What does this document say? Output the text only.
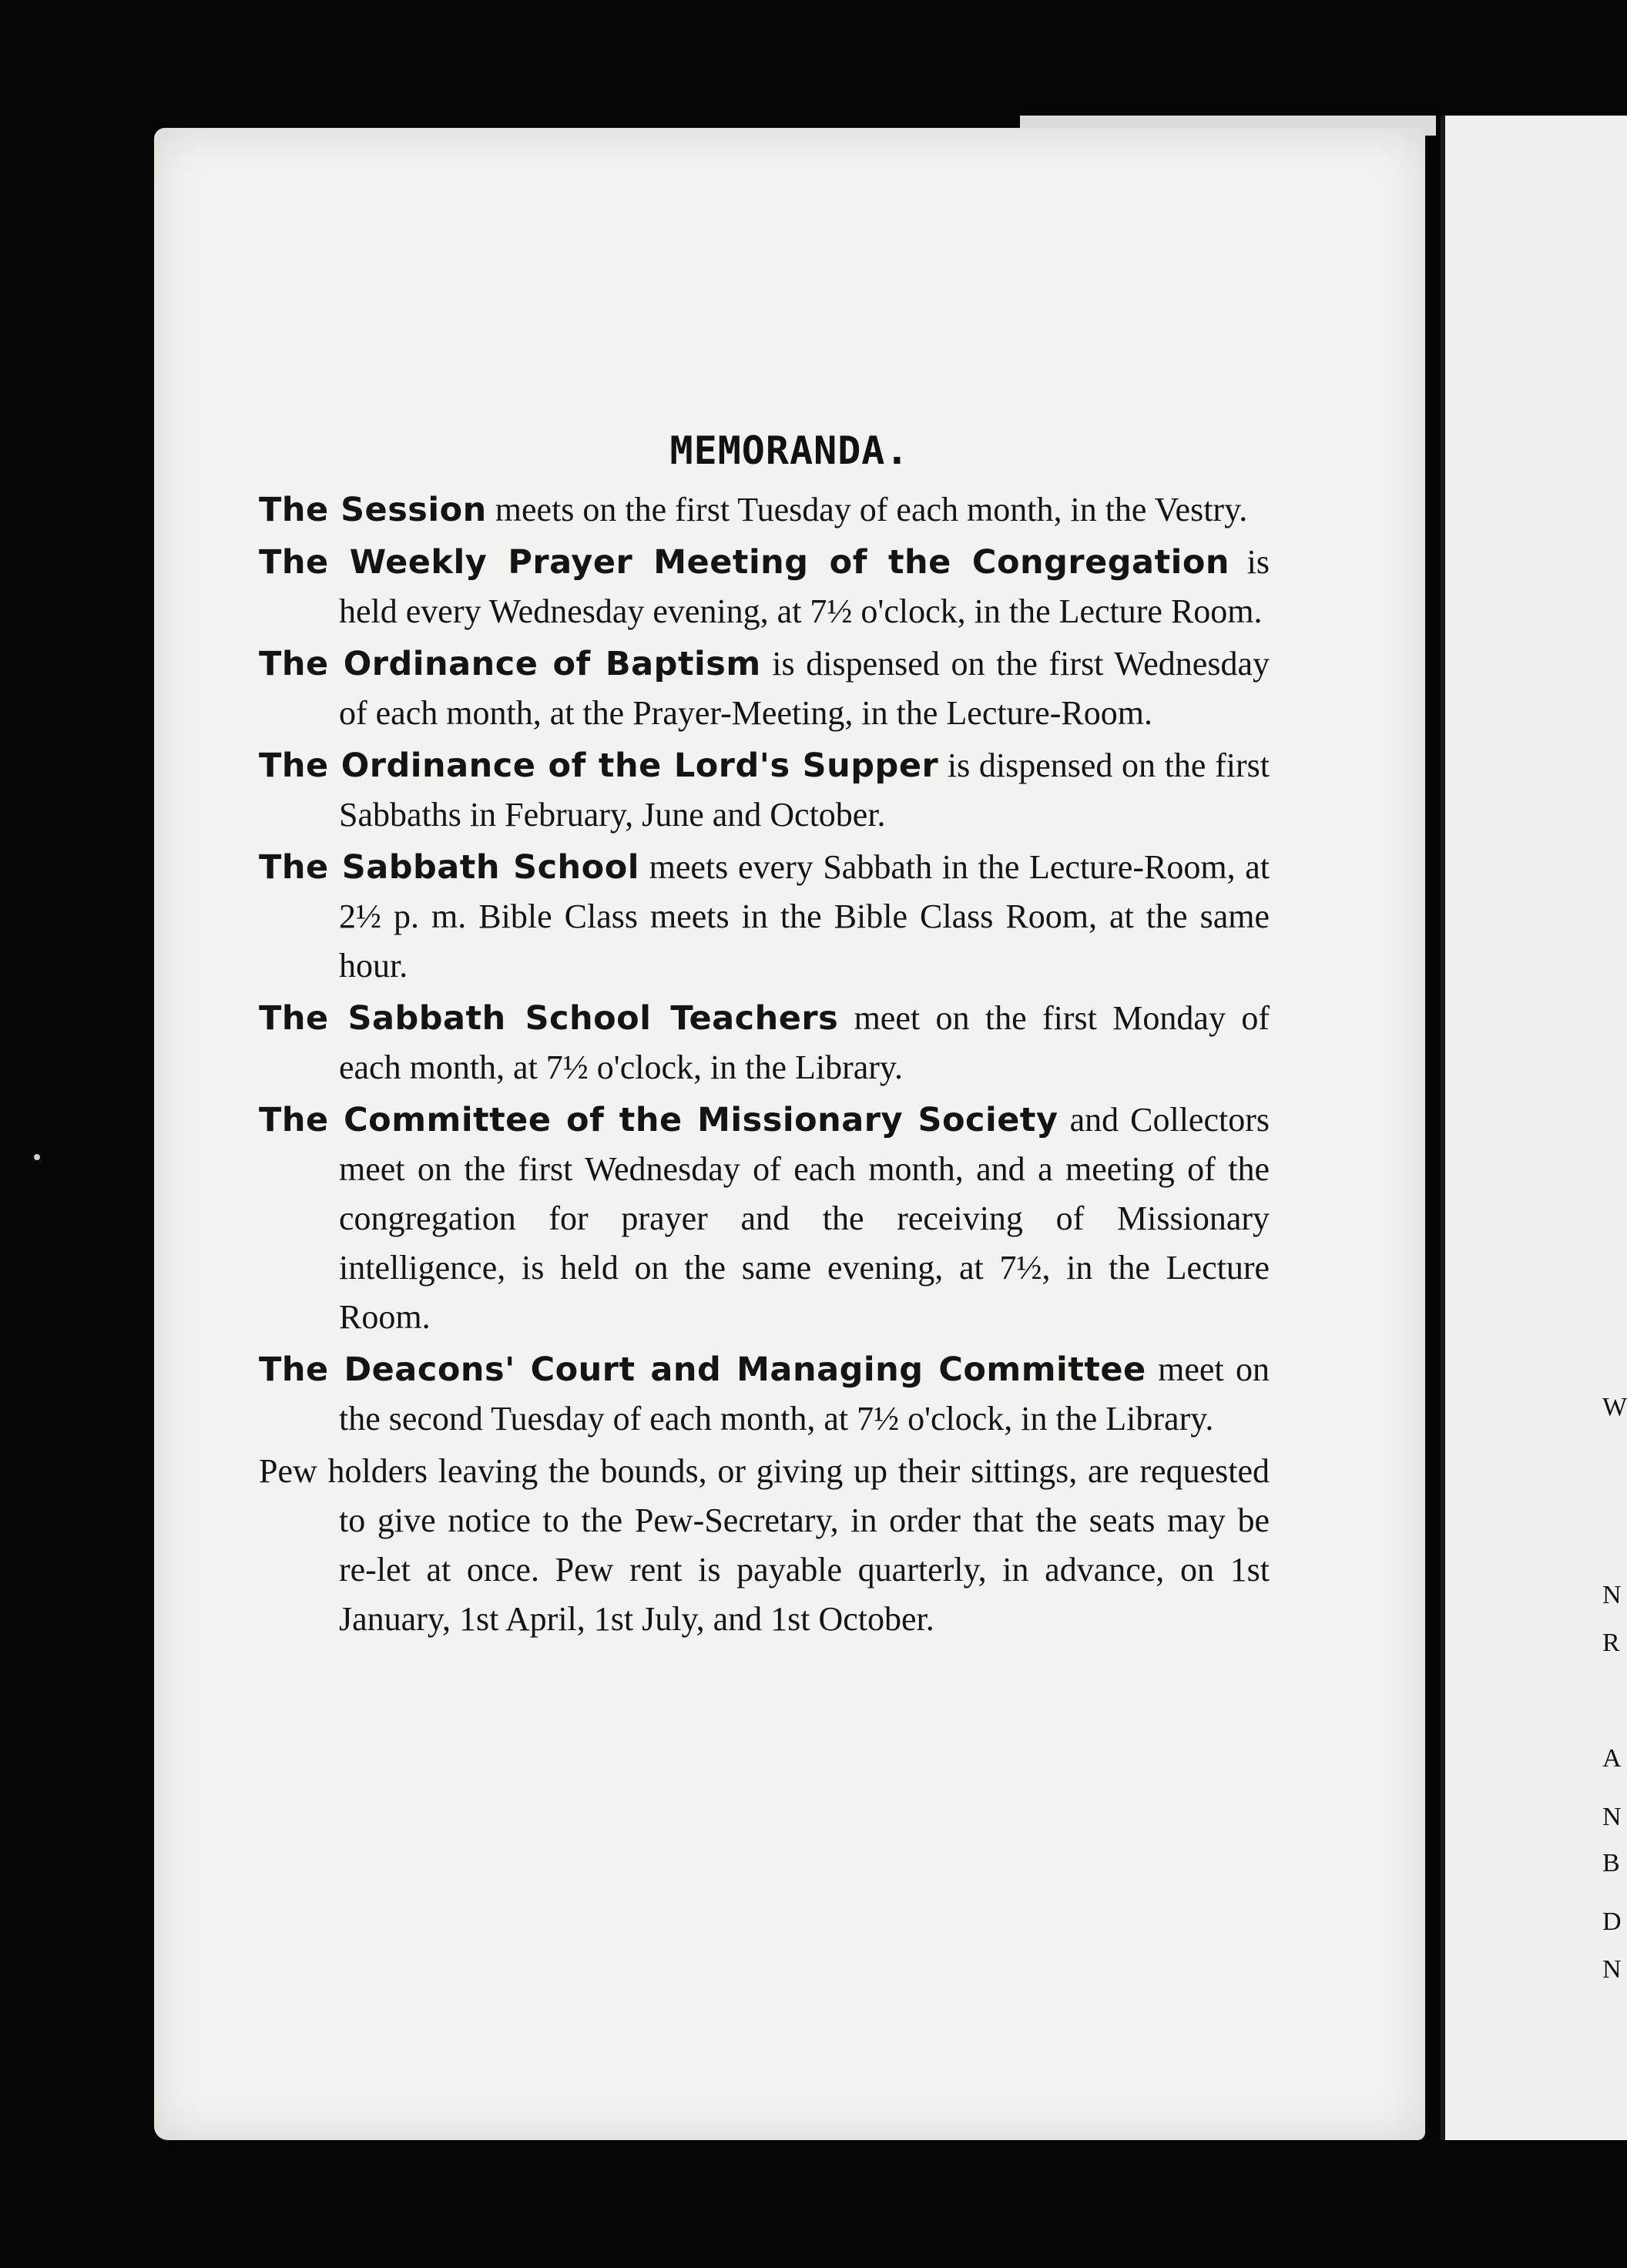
W
N
R
A
N
B
D
N
MEMORANDA.

The Session meets on the first Tuesday of each month, in the Vestry.

The Weekly Prayer Meeting of the Congregation is held every Wednesday evening, at 7½ o'clock, in the Lecture Room.

The Ordinance of Baptism is dispensed on the first Wednesday of each month, at the Prayer-Meeting, in the Lecture-Room.

The Ordinance of the Lord's Supper is dispensed on the first Sabbaths in February, June and October.

The Sabbath School meets every Sabbath in the Lecture-Room, at 2½ p. m. Bible Class meets in the Bible Class Room, at the same hour.

The Sabbath School Teachers meet on the first Monday of each month, at 7½ o'clock, in the Library.

The Committee of the Missionary Society and Collectors meet on the first Wednesday of each month, and a meeting of the congregation for prayer and the receiving of Missionary intelligence, is held on the same evening, at 7½, in the Lecture Room.

The Deacons' Court and Managing Committee meet on the second Tuesday of each month, at 7½ o'clock, in the Library.

Pew holders leaving the bounds, or giving up their sittings, are requested to give notice to the Pew-Secretary, in order that the seats may be re-let at once. Pew rent is payable quarterly, in advance, on 1st January, 1st April, 1st July, and 1st October.
